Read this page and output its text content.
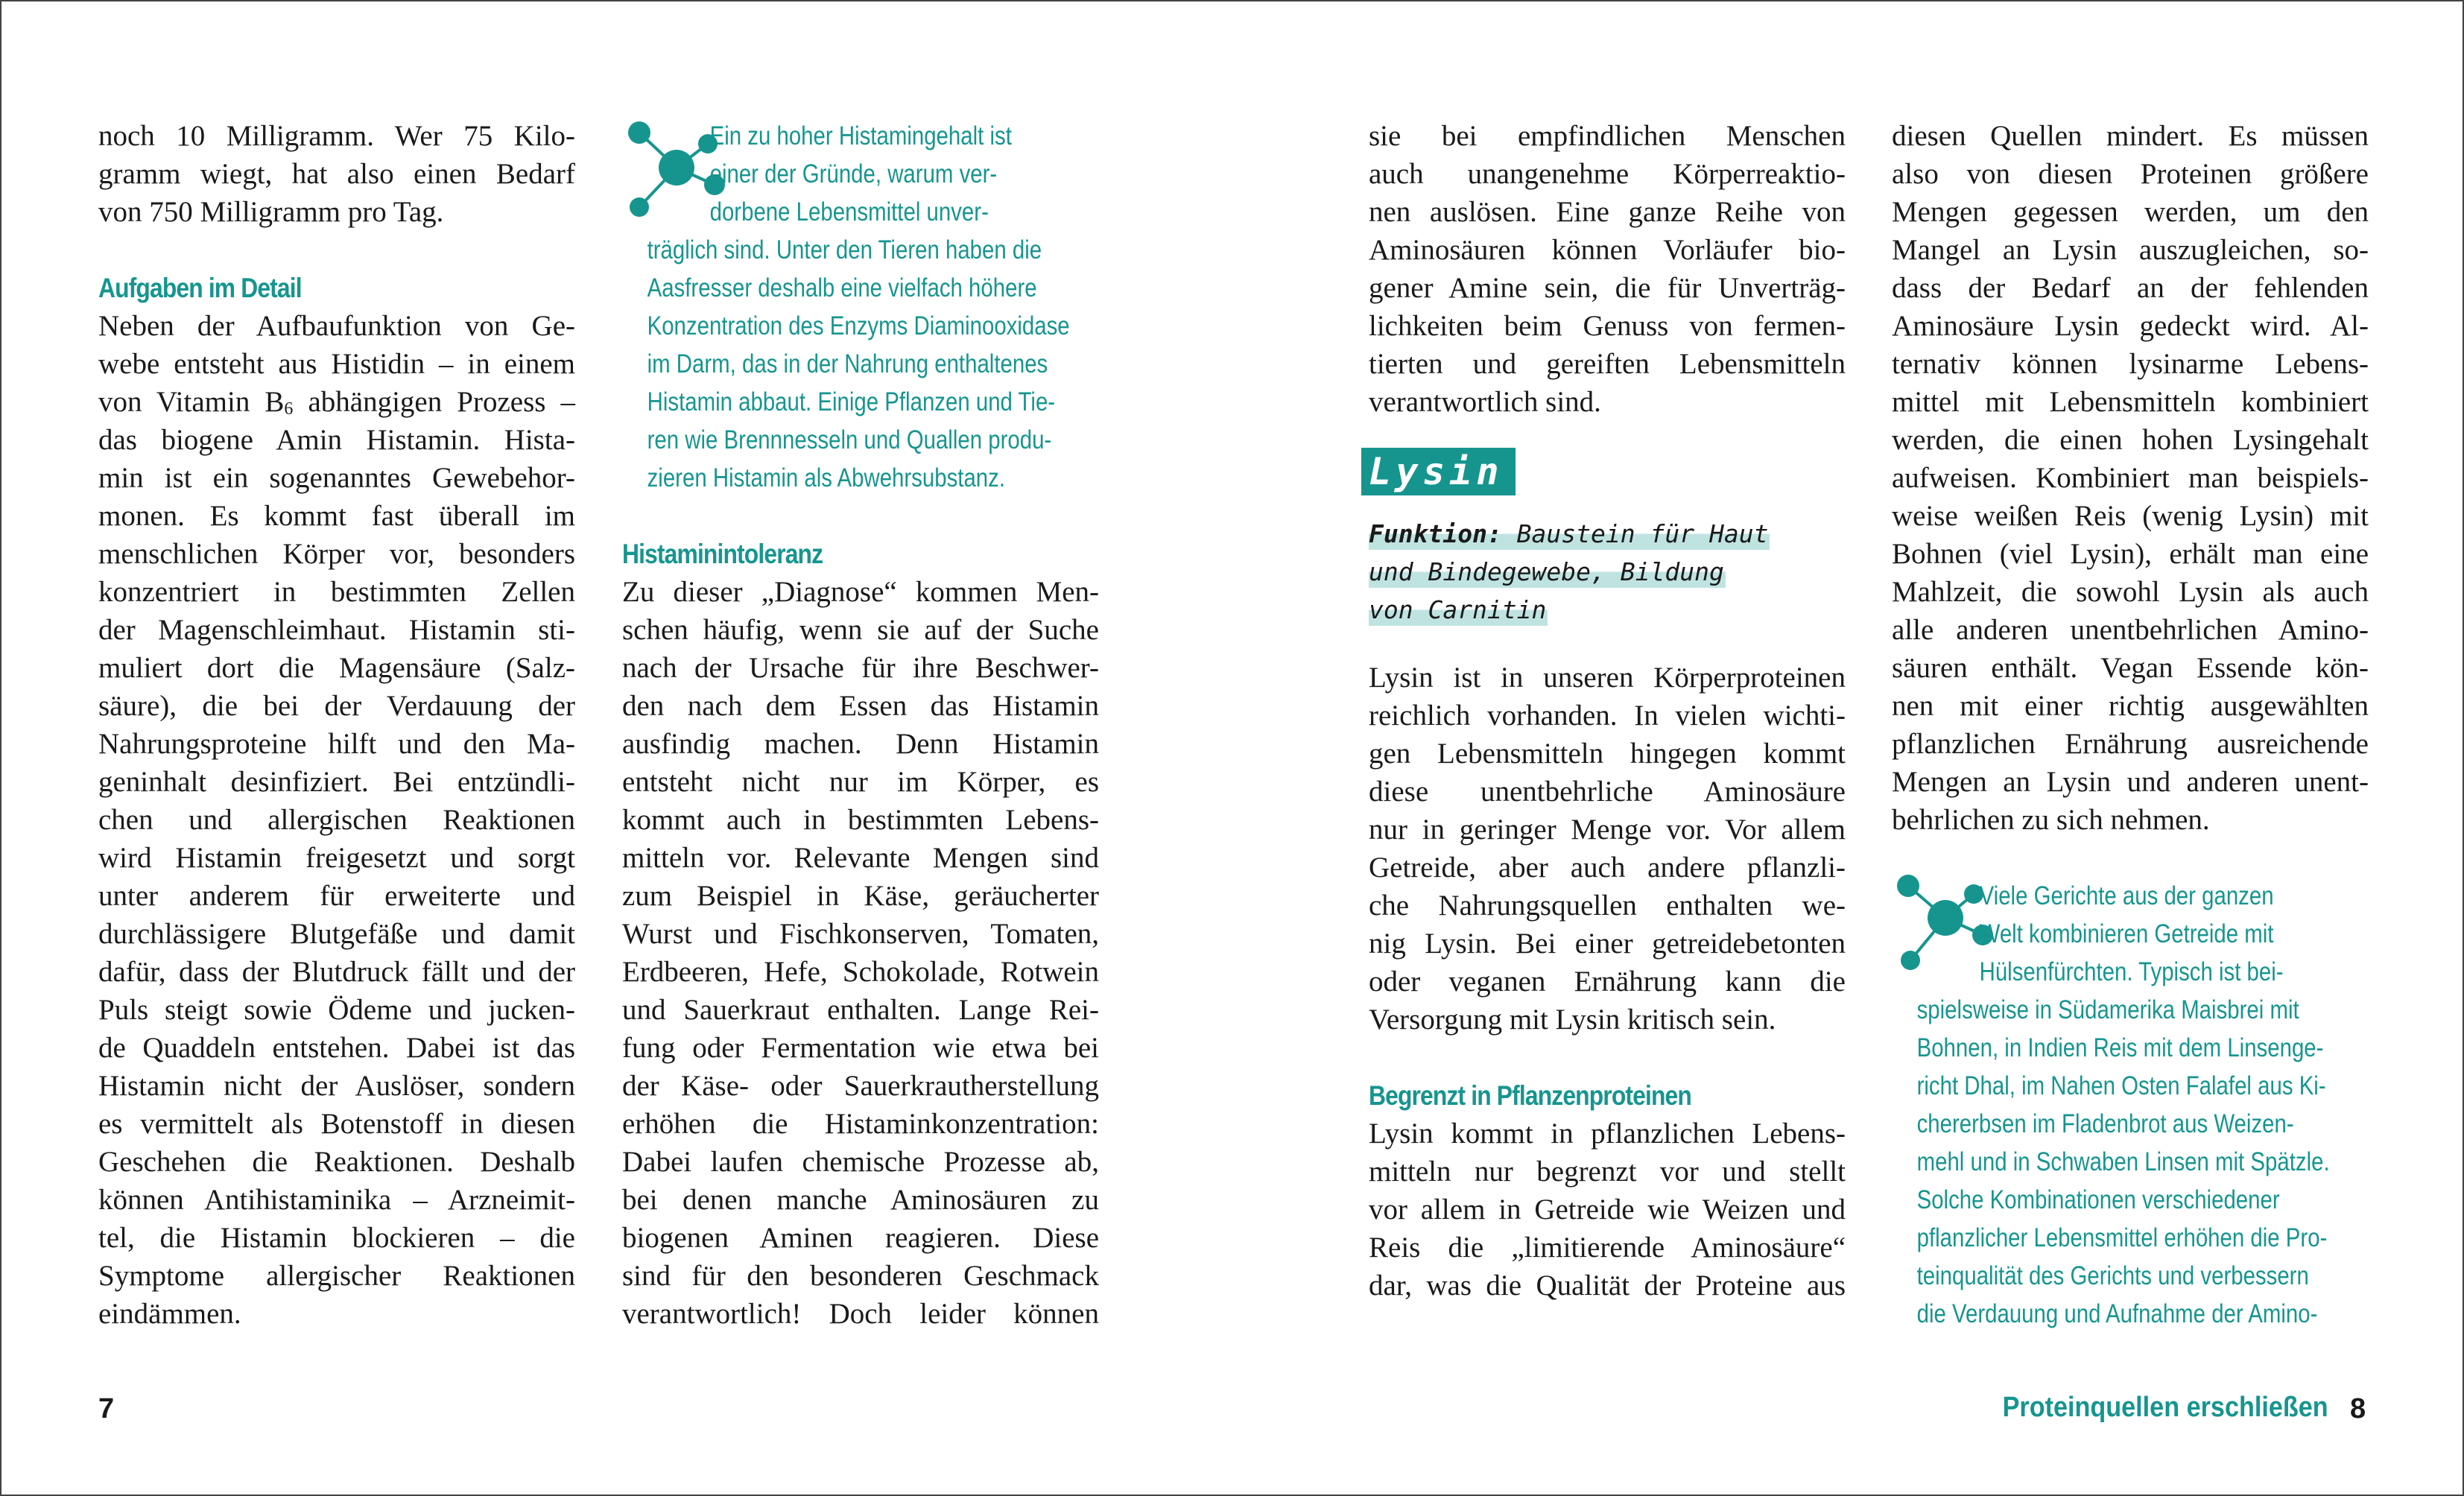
noch 10 Milligramm. Wer 75 Kilo-
gramm wiegt, hat also einen Bedarf
von 750 Milligramm pro Tag.
Aufgaben im Detail
Neben der Aufbaufunktion von Ge-
webe entsteht aus Histidin – in einem
von Vitamin $B_6$ abhängigen Prozess –
das biogene Amin Histamin. Hista-
min ist ein sogenanntes Gewebehor-
monen. Es kommt fast überall im
menschlichen Körper vor, besonders
konzentriert in bestimmten Zellen
der Magenschleimhaut. Histamin sti-
muliert dort die Magensäure (Salz-
säure), die bei der Verdauung der
Nahrungsproteine hilft und den Ma-
geninhalt desinfiziert. Bei entzündli-
chen und allergischen Reaktionen
wird Histamin freigesetzt und sorgt
unter anderem für erweiterte und
durchlässigere Blutgefäße und damit
dafür, dass der Blutdruck fällt und der
Puls steigt sowie Ödeme und jucken-
de Quaddeln entstehen. Dabei ist das
Histamin nicht der Auslöser, sondern
es vermittelt als Botenstoff in diesen
Geschehen die Reaktionen. Deshalb
können Antihistaminika – Arzneimit-
tel, die Histamin blockieren – die
Symptome allergischer Reaktionen
eindämmen.
Ein zu hoher Histamingehalt ist
einer der Gründe, warum ver-
dorbene Lebensmittel unver-
träglich sind. Unter den Tieren haben die
Aasfresser deshalb eine vielfach höhere
Konzentration des Enzyms Diaminooxidase
im Darm, das in der Nahrung enthaltenes
Histamin abbaut. Einige Pflanzen und Tie-
ren wie Brennnesseln und Quallen produ-
zieren Histamin als Abwehrsubstanz.
Histaminintoleranz
Zu dieser „Diagnose“ kommen Men-
schen häufig, wenn sie auf der Suche
nach der Ursache für ihre Beschwer-
den nach dem Essen das Histamin
ausfindig machen. Denn Histamin
entsteht nicht nur im Körper, es
kommt auch in bestimmten Lebens-
mitteln vor. Relevante Mengen sind
zum Beispiel in Käse, geräucherter
Wurst und Fischkonserven, Tomaten,
Erdbeeren, Hefe, Schokolade, Rotwein
und Sauerkraut enthalten. Lange Rei-
fung oder Fermentation wie etwa bei
der Käse- oder Sauerkrautherstellung
erhöhen die Histaminkonzentration:
Dabei laufen chemische Prozesse ab,
bei denen manche Aminosäuren zu
biogenen Aminen reagieren. Diese
sind für den besonderen Geschmack
verantwortlich! Doch leider können
sie bei empfindlichen Menschen
auch unangenehme Körperreaktio-
nen auslösen. Eine ganze Reihe von
Aminosäuren können Vorläufer bio-
gener Amine sein, die für Unverträg-
lichkeiten beim Genuss von fermen-
tierten und gereiften Lebensmitteln
verantwortlich sind.
Lysin
Funktion: Baustein für Haut
und Bindegewebe, Bildung
von Carnitin
Lysin ist in unseren Körperproteinen
reichlich vorhanden. In vielen wichti-
gen Lebensmitteln hingegen kommt
diese unentbehrliche Aminosäure
nur in geringer Menge vor. Vor allem
Getreide, aber auch andere pflanzli-
che Nahrungsquellen enthalten we-
nig Lysin. Bei einer getreidebetonten
oder veganen Ernährung kann die
Versorgung mit Lysin kritisch sein.
Begrenzt in Pflanzenproteinen
Lysin kommt in pflanzlichen Lebens-
mitteln nur begrenzt vor und stellt
vor allem in Getreide wie Weizen und
Reis die „limitierende Aminosäure“
dar, was die Qualität der Proteine aus
diesen Quellen mindert. Es müssen
also von diesen Proteinen größere
Mengen gegessen werden, um den
Mangel an Lysin auszugleichen, so-
dass der Bedarf an der fehlenden
Aminosäure Lysin gedeckt wird. Al-
ternativ können lysinarme Lebens-
mittel mit Lebensmitteln kombiniert
werden, die einen hohen Lysingehalt
aufweisen. Kombiniert man beispiels-
weise weißen Reis (wenig Lysin) mit
Bohnen (viel Lysin), erhält man eine
Mahlzeit, die sowohl Lysin als auch
alle anderen unentbehrlichen Amino-
säuren enthält. Vegan Essende kön-
nen mit einer richtig ausgewählten
pflanzlichen Ernährung ausreichende
Mengen an Lysin und anderen unent-
behrlichen zu sich nehmen.
Viele Gerichte aus der ganzen
Welt kombinieren Getreide mit
Hülsenfürchten. Typisch ist bei-
spielsweise in Südamerika Maisbrei mit
Bohnen, in Indien Reis mit dem Linsenge-
richt Dhal, im Nahen Osten Falafel aus Ki-
chererbsen im Fladenbrot aus Weizen-
mehl und in Schwaben Linsen mit Spätzle.
Solche Kombinationen verschiedener
pflanzlicher Lebensmittel erhöhen die Pro-
teinqualität des Gerichts und verbessern
die Verdauung und Aufnahme der Amino-
7	Proteinquellen erschließen 8
